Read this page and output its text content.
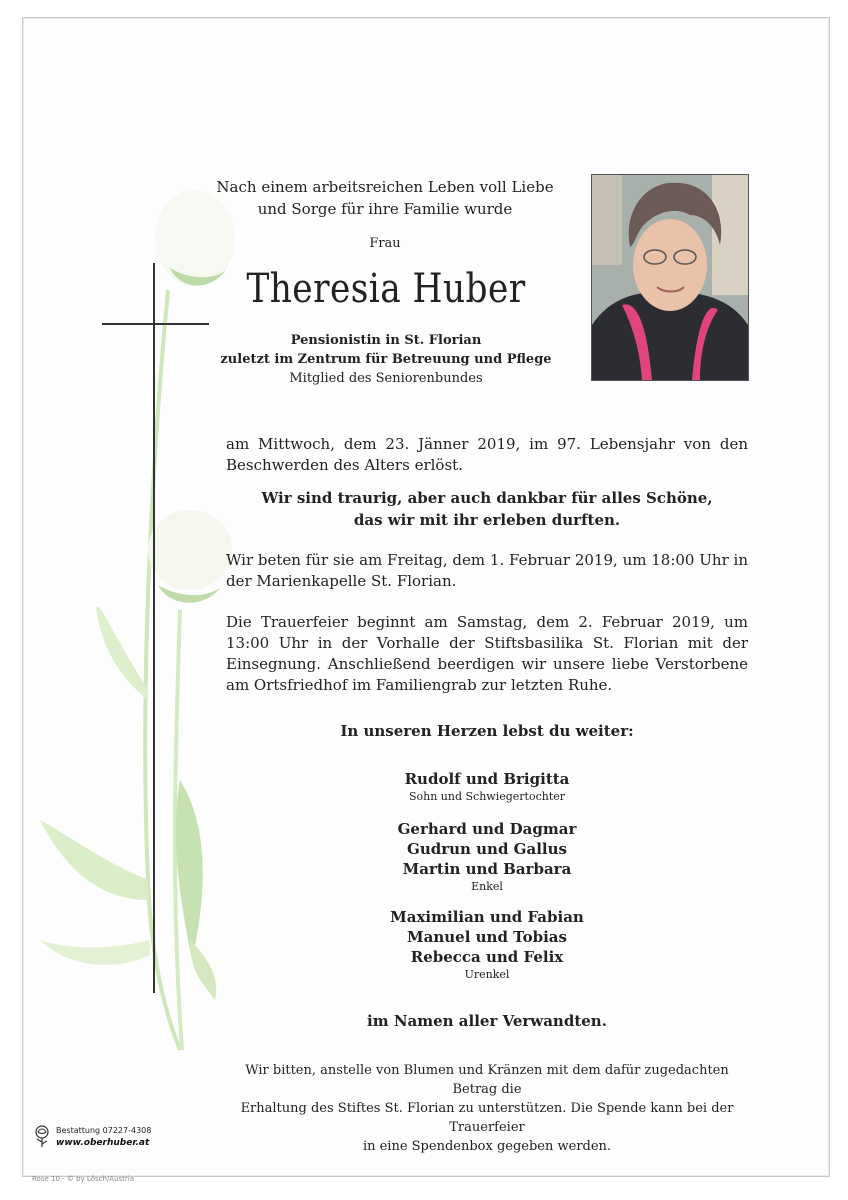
Nach einem arbeitsreichen Leben voll Liebe
und Sorge für ihre Familie wurde
Frau
Theresia Huber
Pensionistin in St. Florian
zuletzt im Zentrum für Betreuung und Pflege
Mitglied des Seniorenbundes
am Mittwoch, dem 23. Jänner 2019, im 97. Lebensjahr von den Beschwerden des Alters erlöst.
Wir sind traurig, aber auch dankbar für alles Schöne,
das wir mit ihr erleben durften.
Wir beten für sie am Freitag, dem 1. Februar 2019, um 18:00 Uhr in der Marienkapelle St. Florian.
Die Trauerfeier beginnt am Samstag, dem 2. Februar 2019, um 13:00 Uhr in der Vorhalle der Stiftsbasilika St. Florian mit der Einsegnung. Anschließend beerdigen wir unsere liebe Verstorbene am Ortsfriedhof im Familiengrab zur letzten Ruhe.
In unseren Herzen lebst du weiter:
Rudolf und Brigitta
Sohn und Schwiegertochter
Gerhard und Dagmar
Gudrun und Gallus
Martin und Barbara
Enkel
Maximilian und Fabian
Manuel und Tobias
Rebecca und Felix
Urenkel
im Namen aller Verwandten.
Wir bitten, anstelle von Blumen und Kränzen mit dem dafür zugedachten Betrag die
Erhaltung des Stiftes St. Florian zu unterstützen. Die Spende kann bei der Trauerfeier
in eine Spendenbox gegeben werden.
Bestattung 07227-4308
www.oberhuber.at
Rose 10 - © by Lösch/Austria
